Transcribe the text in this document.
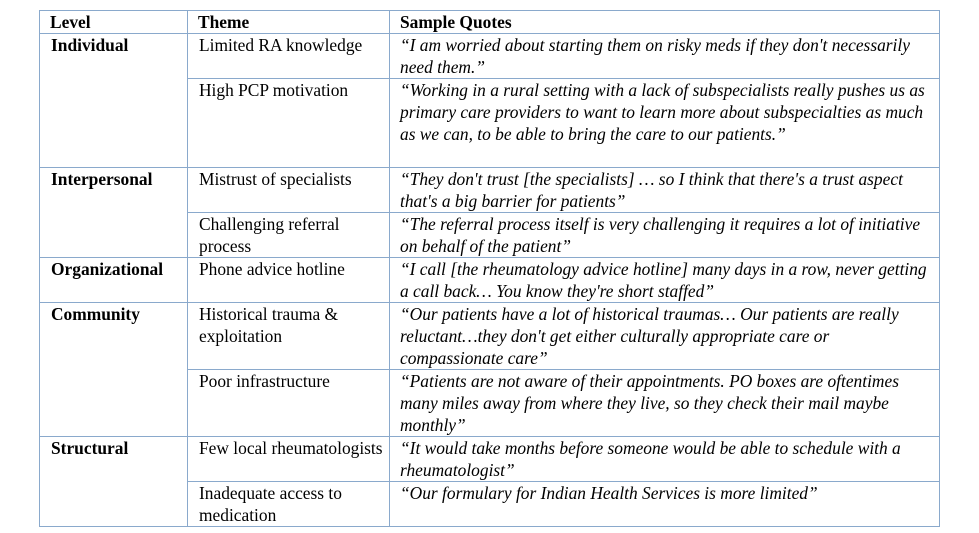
Level	Theme	Sample Quotes
Individual	Limited RA knowledge	“I am worried about starting them on risky meds if they don't necessarily need them.”
	High PCP motivation	“Working in a rural setting with a lack of subspecialists really pushes us as primary care providers to want to learn more about subspecialties as much as we can, to be able to bring the care to our patients.”
Interpersonal	Mistrust of specialists	“They don't trust [the specialists] … so I think that there's a trust aspect that's a big barrier for patients”
	Challenging referral process	“The referral process itself is very challenging it requires a lot of initiative on behalf of the patient”
Organizational	Phone advice hotline	“I call [the rheumatology advice hotline] many days in a row, never getting a call back… You know they're short staffed”
Community	Historical trauma & exploitation	“Our patients have a lot of historical traumas… Our patients are really reluctant…they don't get either culturally appropriate care or compassionate care”
	Poor infrastructure	“Patients are not aware of their appointments. PO boxes are oftentimes many miles away from where they live, so they check their mail maybe monthly”
Structural	Few local rheumatologists	“It would take months before someone would be able to schedule with a rheumatologist”
	Inadequate access to medication	“Our formulary for Indian Health Services is more limited”
